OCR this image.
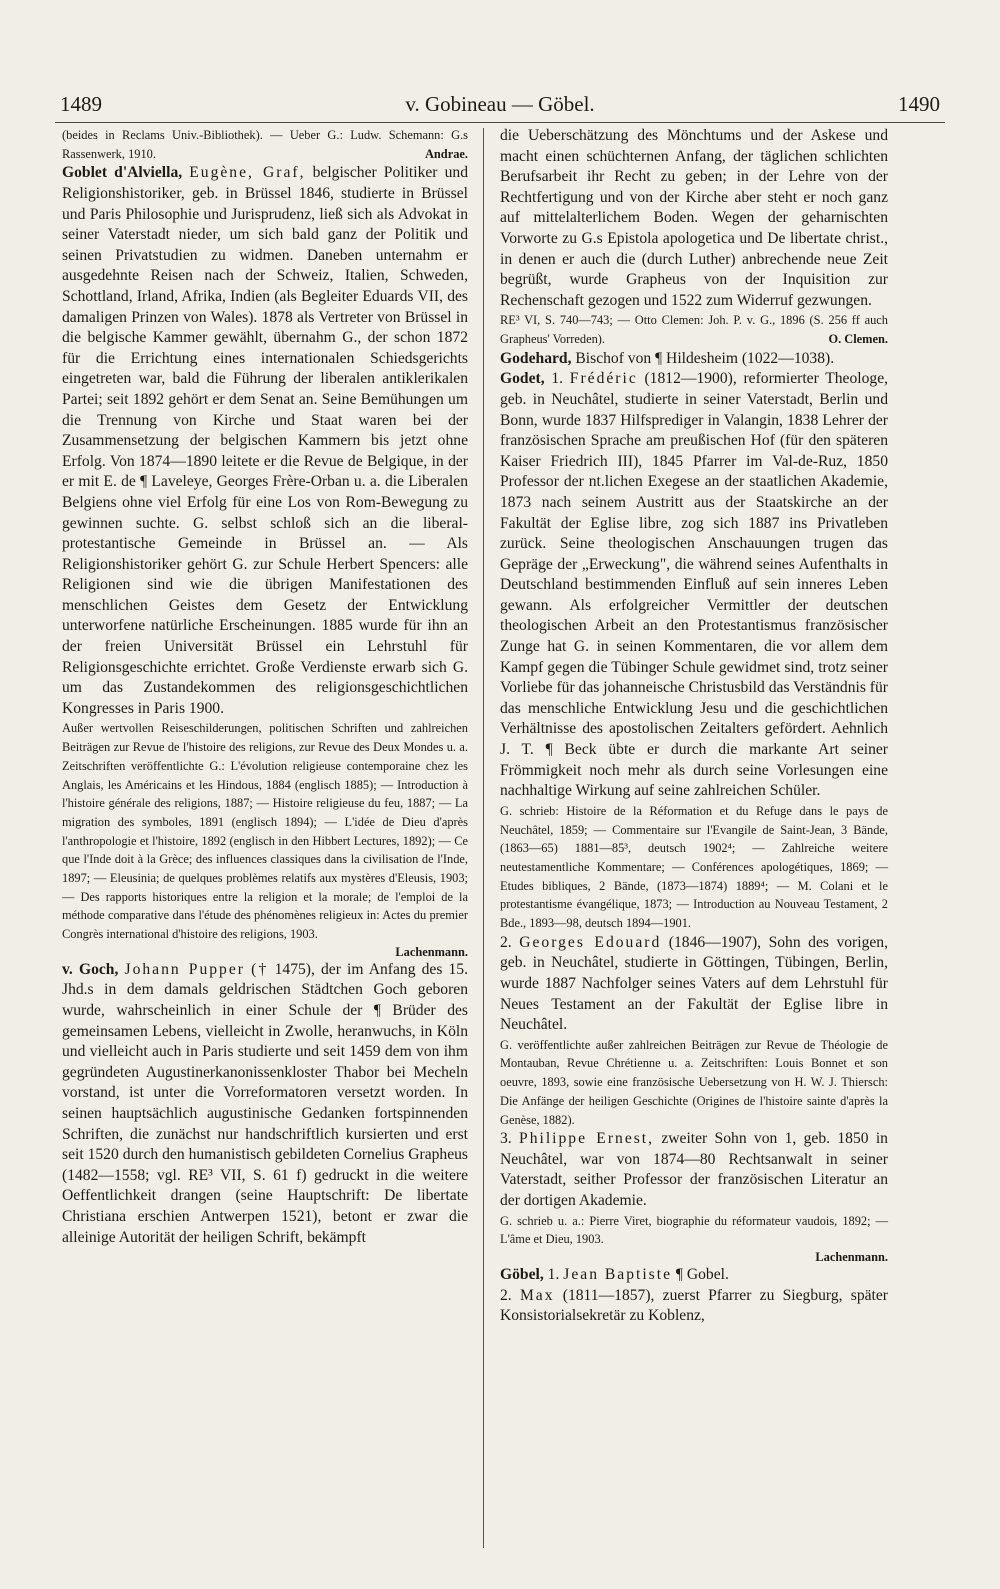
1489	v. Gobineau — Göbel.	1490

(beides in Reclams Univ.-Bibliothek). — Ueber G.: Ludw. Schemann: G.s Rassenwerk, 1910.	Andrae.

Goblet d'Alviella, Eugène, Graf, belgischer Politiker und Religionshistoriker, geb. in Brüssel 1846, studierte in Brüssel und Paris Philosophie und Jurisprudenz, ließ sich als Advokat in seiner Vaterstadt nieder, um sich bald ganz der Politik und seinen Privatstudien zu widmen. Daneben unternahm er ausgedehnte Reisen nach der Schweiz, Italien, Schweden, Schottland, Irland, Afrika, Indien (als Begleiter Eduards VII, des damaligen Prinzen von Wales). 1878 als Vertreter von Brüssel in die belgische Kammer gewählt, übernahm G., der schon 1872 für die Errichtung eines internationalen Schiedsgerichts eingetreten war, bald die Führung der liberalen antiklerikalen Partei; seit 1892 gehört er dem Senat an. Seine Bemühungen um die Trennung von Kirche und Staat waren bei der Zusammensetzung der belgischen Kammern bis jetzt ohne Erfolg. Von 1874—1890 leitete er die Revue de Belgique, in der er mit E. de ¶ Laveleye, Georges Frère-Orban u. a. die Liberalen Belgiens ohne viel Erfolg für eine Los von Rom-Bewegung zu gewinnen suchte. G. selbst schloß sich an die liberal-protestantische Gemeinde in Brüssel an. — Als Religionshistoriker gehört G. zur Schule Herbert Spencers: alle Religionen sind wie die übrigen Manifestationen des menschlichen Geistes dem Gesetz der Entwicklung unterworfene natürliche Erscheinungen. 1885 wurde für ihn an der freien Universität Brüssel ein Lehrstuhl für Religionsgeschichte errichtet. Große Verdienste erwarb sich G. um das Zustandekommen des religionsgeschichtlichen Kongresses in Paris 1900.

Außer wertvollen Reiseschilderungen, politischen Schriften und zahlreichen Beiträgen zur Revue de l'histoire des religions, zur Revue des Deux Mondes u. a. Zeitschriften veröffentlichte G.: L'évolution religieuse contemporaine chez les Anglais, les Américains et les Hindous, 1884 (englisch 1885); — Introduction à l'histoire générale des religions, 1887; — Histoire religieuse du feu, 1887; — La migration des symboles, 1891 (englisch 1894); — L'idée de Dieu d'après l'anthropologie et l'histoire, 1892 (englisch in den Hibbert Lectures, 1892); — Ce que l'Inde doit à la Grèce; des influences classiques dans la civilisation de l'Inde, 1897; — Eleusinia; de quelques problèmes relatifs aux mystères d'Eleusis, 1903; — Des rapports historiques entre la religion et la morale; de l'emploi de la méthode comparative dans l'étude des phénomènes religieux in: Actes du premier Congrès international d'histoire des religions, 1903.

Lachenmann.

v. Goch, Johann Pupper († 1475), der im Anfang des 15. Jhd.s in dem damals geldrischen Städtchen Goch geboren wurde, wahrscheinlich in einer Schule der ¶ Brüder des gemeinsamen Lebens, vielleicht in Zwolle, heranwuchs, in Köln und vielleicht auch in Paris studierte und seit 1459 dem von ihm gegründeten Augustinerkanonissenkloster Thabor bei Mecheln vorstand, ist unter die Vorreformatoren versetzt worden. In seinen hauptsächlich augustinische Gedanken fortspinnenden Schriften, die zunächst nur handschriftlich kursierten und erst seit 1520 durch den humanistisch gebildeten Cornelius Grapheus (1482—1558; vgl. RE³ VII, S. 61 f) gedruckt in die weitere Oeffentlichkeit drangen (seine Hauptschrift: De libertate Christiana erschien Antwerpen 1521), betont er zwar die alleinige Autorität der heiligen Schrift, bekämpft

die Ueberschätzung des Mönchtums und der Askese und macht einen schüchternen Anfang, der täglichen schlichten Berufsarbeit ihr Recht zu geben; in der Lehre von der Rechtfertigung und von der Kirche aber steht er noch ganz auf mittelalterlichem Boden. Wegen der geharnischten Vorworte zu G.s Epistola apologetica und De libertate christ., in denen er auch die (durch Luther) anbrechende neue Zeit begrüßt, wurde Grapheus von der Inquisition zur Rechenschaft gezogen und 1522 zum Widerruf gezwungen.

RE³ VI, S. 740—743; — Otto Clemen: Joh. P. v. G., 1896 (S. 256 ff auch Grapheus' Vorreden).	O. Clemen.

Godehard, Bischof von ¶ Hildesheim (1022—1038).

Godet, 1. Frédéric (1812—1900), reformierter Theologe, geb. in Neuchâtel, studierte in seiner Vaterstadt, Berlin und Bonn, wurde 1837 Hilfsprediger in Valangin, 1838 Lehrer der französischen Sprache am preußischen Hof (für den späteren Kaiser Friedrich III), 1845 Pfarrer im Val-de-Ruz, 1850 Professor der nt.lichen Exegese an der staatlichen Akademie, 1873 nach seinem Austritt aus der Staatskirche an der Fakultät der Eglise libre, zog sich 1887 ins Privatleben zurück. Seine theologischen Anschauungen trugen das Gepräge der „Erweckung", die während seines Aufenthalts in Deutschland bestimmenden Einfluß auf sein inneres Leben gewann. Als erfolgreicher Vermittler der deutschen theologischen Arbeit an den Protestantismus französischer Zunge hat G. in seinen Kommentaren, die vor allem dem Kampf gegen die Tübinger Schule gewidmet sind, trotz seiner Vorliebe für das johanneische Christusbild das Verständnis für das menschliche Entwicklung Jesu und die geschichtlichen Verhältnisse des apostolischen Zeitalters gefördert. Aehnlich J. T. ¶ Beck übte er durch die markante Art seiner Frömmigkeit noch mehr als durch seine Vorlesungen eine nachhaltige Wirkung auf seine zahlreichen Schüler.

G. schrieb: Histoire de la Réformation et du Refuge dans le pays de Neuchâtel, 1859; — Commentaire sur l'Evangile de Saint-Jean, 3 Bände, (1863—65) 1881—85³, deutsch 1902⁴; — Zahlreiche weitere neutestamentliche Kommentare; — Conférences apologétiques, 1869; — Etudes bibliques, 2 Bände, (1873—1874) 1889⁴; — M. Colani et le protestantisme évangélique, 1873; — Introduction au Nouveau Testament, 2 Bde., 1893—98, deutsch 1894—1901.

2. Georges Edouard (1846—1907), Sohn des vorigen, geb. in Neuchâtel, studierte in Göttingen, Tübingen, Berlin, wurde 1887 Nachfolger seines Vaters auf dem Lehrstuhl für Neues Testament an der Fakultät der Eglise libre in Neuchâtel.

G. veröffentlichte außer zahlreichen Beiträgen zur Revue de Théologie de Montauban, Revue Chrétienne u. a. Zeitschriften: Louis Bonnet et son oeuvre, 1893, sowie eine französische Uebersetzung von H. W. J. Thiersch: Die Anfänge der heiligen Geschichte (Origines de l'histoire sainte d'après la Genèse, 1882).

3. Philippe Ernest, zweiter Sohn von 1, geb. 1850 in Neuchâtel, war von 1874—80 Rechtsanwalt in seiner Vaterstadt, seither Professor der französischen Literatur an der dortigen Akademie.

G. schrieb u. a.: Pierre Viret, biographie du réformateur vaudois, 1892; — L'âme et Dieu, 1903.

Lachenmann.

Göbel, 1. Jean Baptiste ¶ Gobel.

2. Max (1811—1857), zuerst Pfarrer zu Siegburg, später Konsistorialsekretär zu Koblenz,
